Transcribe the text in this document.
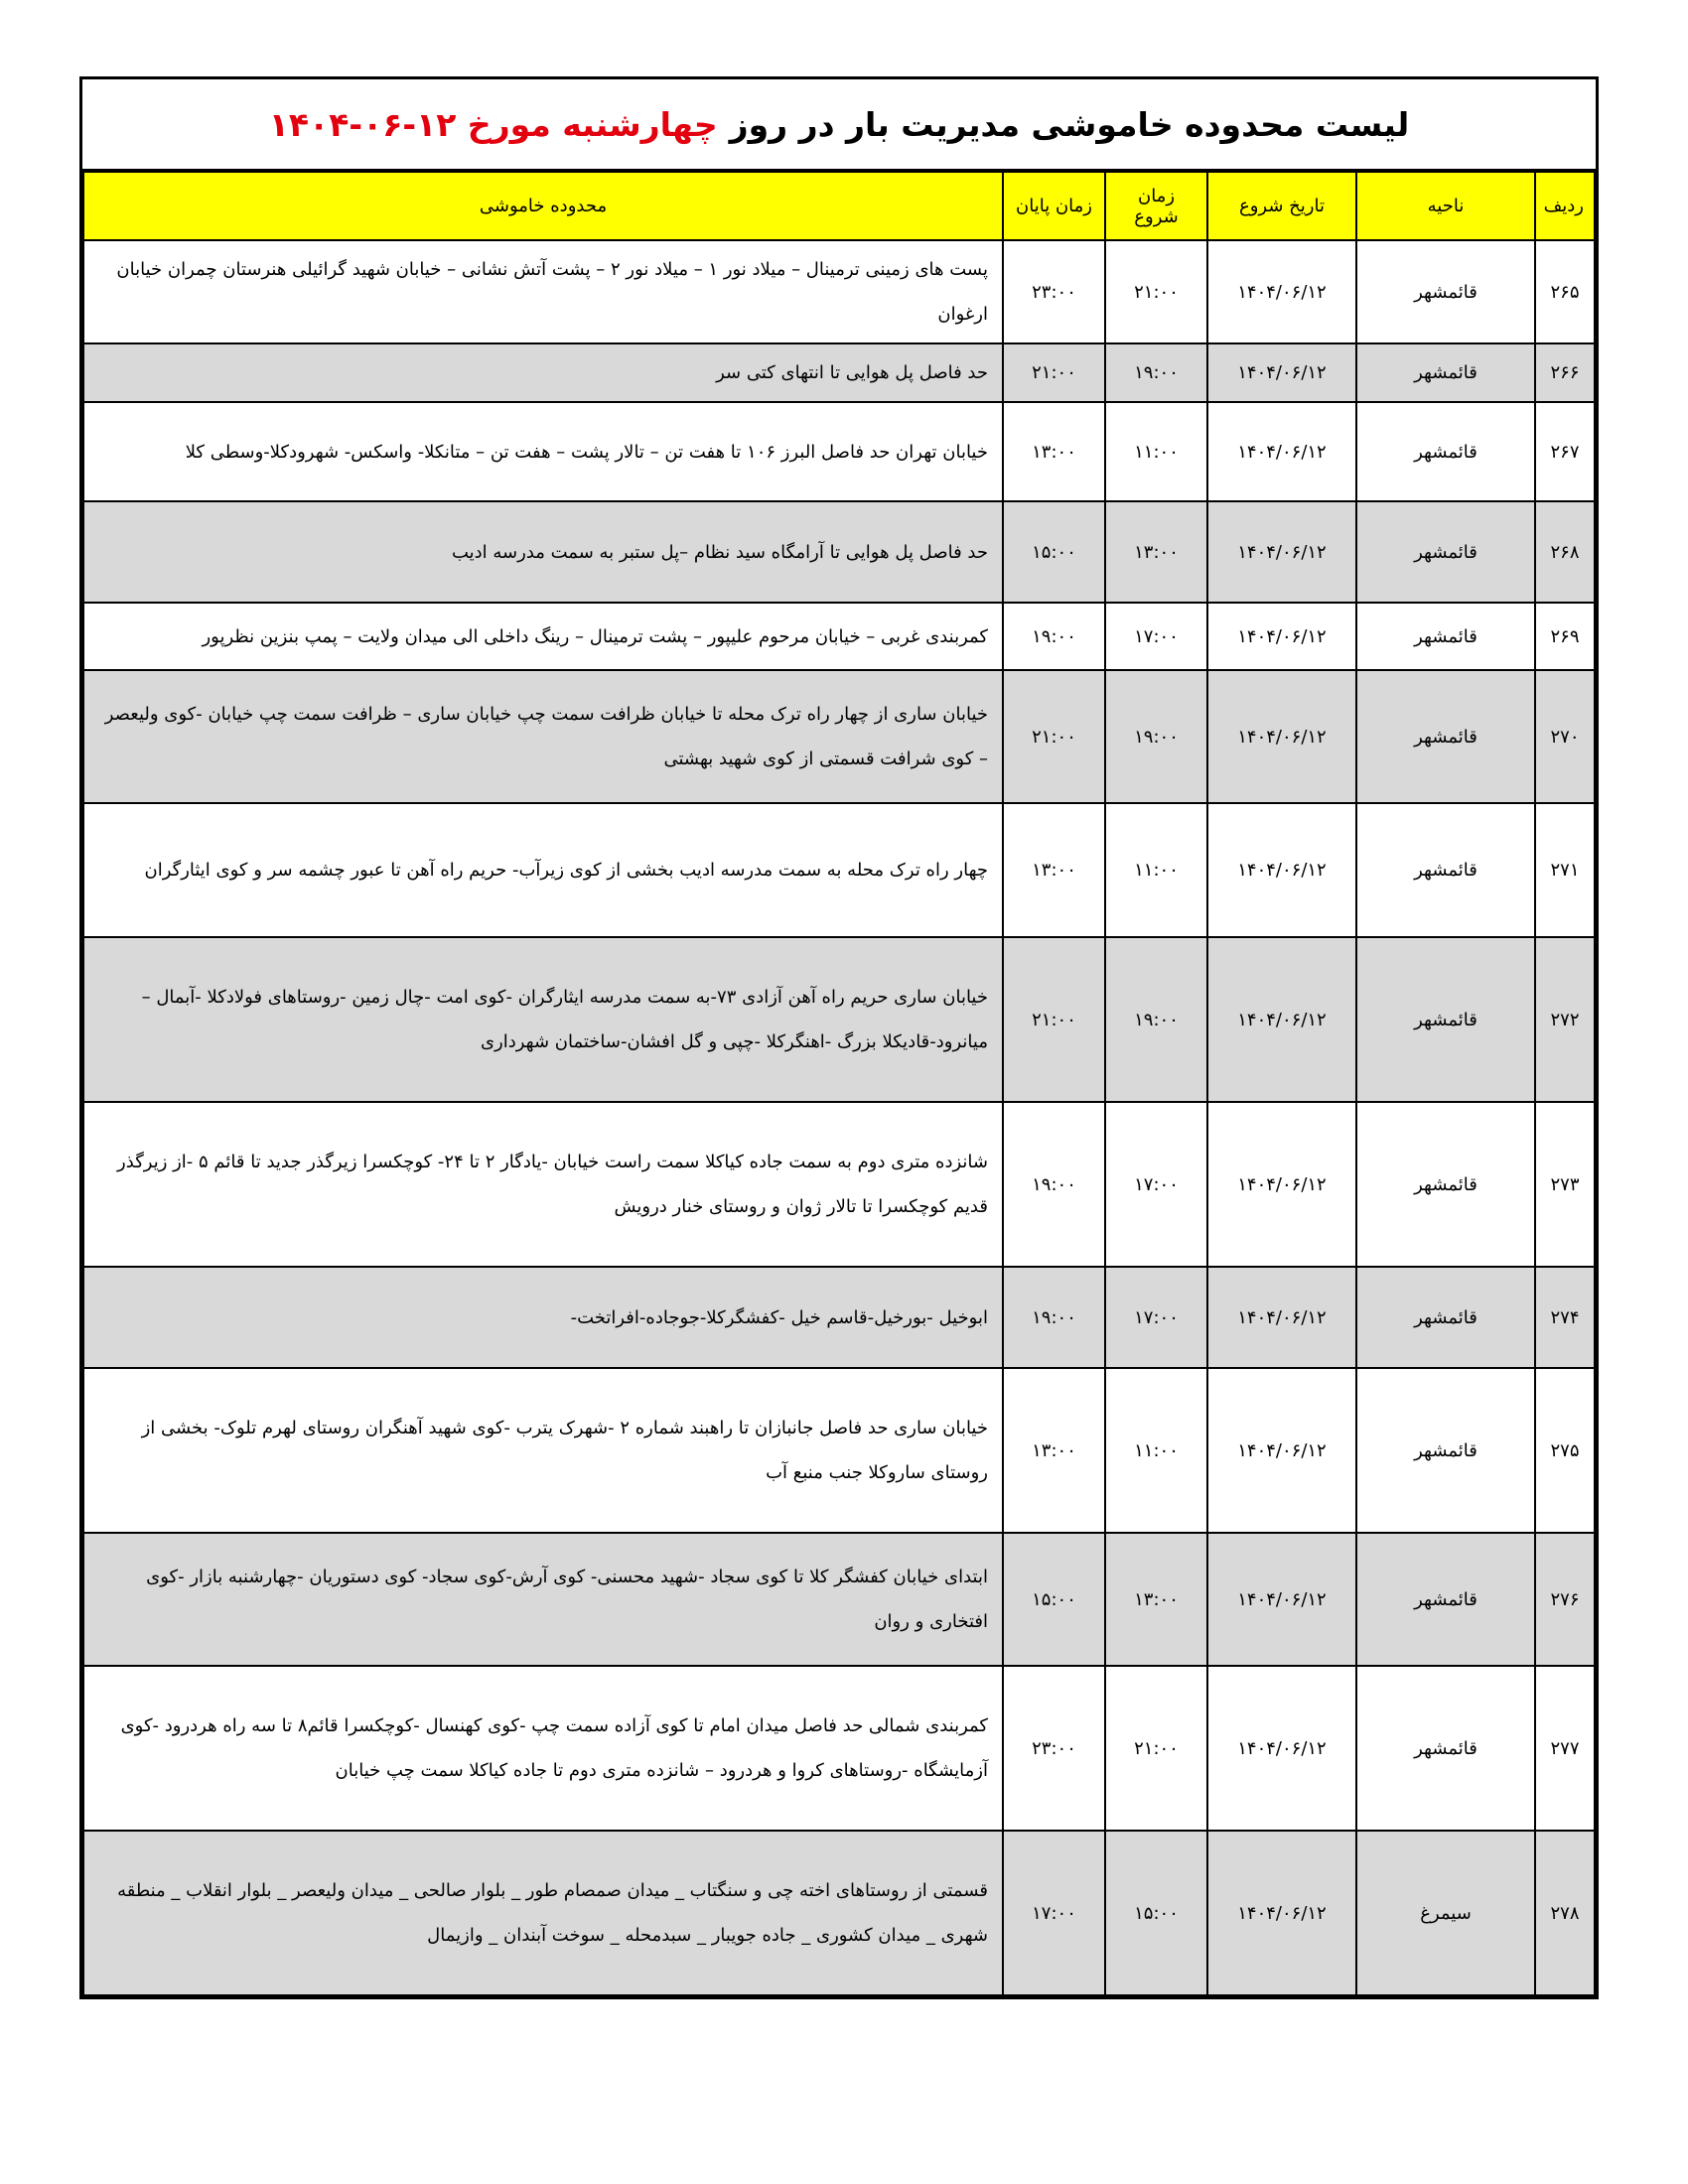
لیست محدوده خاموشی مدیریت بار در روز
چهارشنبه مورخ ۱۲-۰۶-۱۴۰۴
ردیف	ناحیه	تاریخ شروع	زمان شروع	زمان پایان	محدوده خاموشی
۲۶۵	قائمشهر	۱۴۰۴/۰۶/۱۲	۲۱:۰۰	۲۳:۰۰	پست های زمینی ترمینال – میلاد نور ۱ – میلاد نور ۲ – پشت آتش نشانی – خیابان شهید گرائیلی هنرستان چمران خیابان ارغوان
۲۶۶	قائمشهر	۱۴۰۴/۰۶/۱۲	۱۹:۰۰	۲۱:۰۰	حد فاصل پل هوایی تا انتهای کتی سر
۲۶۷	قائمشهر	۱۴۰۴/۰۶/۱۲	۱۱:۰۰	۱۳:۰۰	خیابان تهران حد فاصل البرز ۱۰۶ تا هفت تن – تالار پشت – هفت تن – متانکلا- واسکس- شهرودکلا-وسطی کلا
۲۶۸	قائمشهر	۱۴۰۴/۰۶/۱۲	۱۳:۰۰	۱۵:۰۰	حد فاصل پل هوایی تا آرامگاه سید نظام –پل ستبر به سمت مدرسه ادیب
۲۶۹	قائمشهر	۱۴۰۴/۰۶/۱۲	۱۷:۰۰	۱۹:۰۰	کمربندی غربی – خیابان مرحوم علیپور – پشت ترمینال – رینگ داخلی الی میدان ولایت – پمپ بنزین نظرپور
۲۷۰	قائمشهر	۱۴۰۴/۰۶/۱۲	۱۹:۰۰	۲۱:۰۰	خیابان ساری از چهار راه ترک محله تا خیابان ظرافت سمت چپ خیابان ساری – ظرافت سمت چپ خیابان -کوی ولیعصر – کوی شرافت قسمتی از کوی شهید بهشتی
۲۷۱	قائمشهر	۱۴۰۴/۰۶/۱۲	۱۱:۰۰	۱۳:۰۰	چهار راه ترک محله به سمت مدرسه ادیب بخشی از کوی زیرآب- حریم راه آهن تا عبور چشمه سر و کوی ایثارگران
۲۷۲	قائمشهر	۱۴۰۴/۰۶/۱۲	۱۹:۰۰	۲۱:۰۰	خیابان ساری حریم راه آهن آزادی ۷۳-به سمت مدرسه ایثارگران -کوی امت -چال زمین -روستاهای فولادکلا -آبمال – میانرود-قادیکلا بزرگ -اهنگرکلا -چپی و گل افشان-ساختمان شهرداری
۲۷۳	قائمشهر	۱۴۰۴/۰۶/۱۲	۱۷:۰۰	۱۹:۰۰	شانزده متری دوم به سمت جاده کیاکلا سمت راست خیابان -یادگار ۲ تا ۲۴- کوچکسرا زیرگذر جدید تا قائم ۵ -از زیرگذر قدیم کوچکسرا تا تالار ژوان و روستای خنار درویش
۲۷۴	قائمشهر	۱۴۰۴/۰۶/۱۲	۱۷:۰۰	۱۹:۰۰	ابوخیل -بورخیل-قاسم خیل -کفشگرکلا-جوجاده-افراتخت-
۲۷۵	قائمشهر	۱۴۰۴/۰۶/۱۲	۱۱:۰۰	۱۳:۰۰	خیابان ساری حد فاصل جانبازان تا راهبند شماره ۲ -شهرک یترب -کوی شهید آهنگران روستای لهرم تلوک- بخشی از روستای ساروکلا جنب منبع آب
۲۷۶	قائمشهر	۱۴۰۴/۰۶/۱۲	۱۳:۰۰	۱۵:۰۰	ابتدای خیابان کفشگر کلا تا کوی سجاد -شهید محسنی- کوی آرش-کوی سجاد- کوی دستوریان -چهارشنبه بازار -کوی افتخاری و روان
۲۷۷	قائمشهر	۱۴۰۴/۰۶/۱۲	۲۱:۰۰	۲۳:۰۰	کمربندی شمالی حد فاصل میدان امام تا کوی آزاده سمت چپ -کوی کهنسال -کوچکسرا قائم۸ تا سه راه هردرود -کوی آزمایشگاه -روستاهای کروا و هردرود – شانزده متری دوم تا جاده کیاکلا سمت چپ خیابان
۲۷۸	سیمرغ	۱۴۰۴/۰۶/۱۲	۱۵:۰۰	۱۷:۰۰	قسمتی از روستاهای اخته چی و سنگتاب _ میدان صمصام طور _ بلوار صالحی _ میدان ولیعصر _ بلوار انقلاب _ منطقه شهری _ میدان کشوری _ جاده جویبار _ سبدمحله _ سوخت آبندان _ وازیمال
